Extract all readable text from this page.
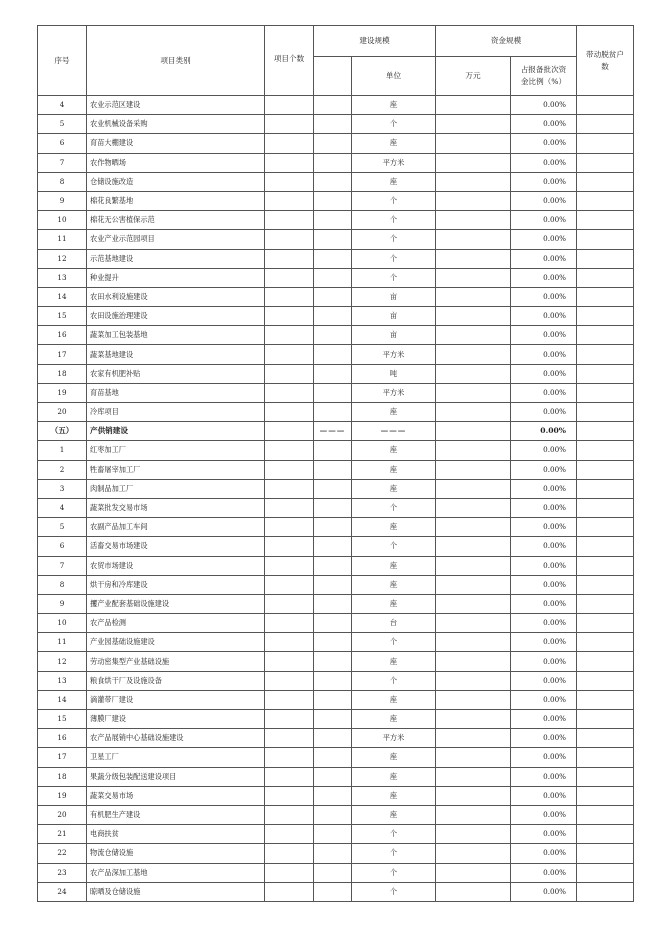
序号	项目类别	项目个数	建设规模		资金规模		带动脱贫户
数
				单位	万元	占报备批次资
金比例（%）	
4	农业示范区建设			座		0.00%	
5	农业机械设备采购			个		0.00%	
6	育苗大棚建设			座		0.00%	
7	农作物晒场			平方米		0.00%	
8	仓储设施改造			座		0.00%	
9	棉花良繁基地			个		0.00%	
10	棉花无公害植保示范			个		0.00%	
11	农业产业示范园项目			个		0.00%	
12	示范基地建设			个		0.00%	
13	种业提升			个		0.00%	
14	农田水利设施建设			亩		0.00%	
15	农田设施治理建设			亩		0.00%	
16	蔬菜加工包装基地			亩		0.00%	
17	蔬菜基地建设			平方米		0.00%	
18	农家有机肥补贴			吨		0.00%	
19	育苗基地			平方米		0.00%	
20	冷库项目			座		0.00%	
（五）	产供销建设		———	———		0.00%	
1	红枣加工厂			座		0.00%	
2	牲畜屠宰加工厂			座		0.00%	
3	肉制品加工厂			座		0.00%	
4	蔬菜批发交易市场			个		0.00%	
5	农副产品加工车间			座		0.00%	
6	活畜交易市场建设			个		0.00%	
7	农贸市场建设			座		0.00%	
8	烘干房和冷库建设			座		0.00%	
9	攫产业配套基础设施建设			座		0.00%	
10	农产品检测			台		0.00%	
11	产业园基础设施建设			个		0.00%	
12	劳动密集型产业基础设施			座		0.00%	
13	粮食烘干厂及设施设备			个		0.00%	
14	滴灌带厂建设			座		0.00%	
15	薄膜厂建设			座		0.00%	
16	农产品展销中心基础设施建设			平方米		0.00%	
17	卫星工厂			座		0.00%	
18	果蔬分级包装配送建设项目			座		0.00%	
19	蔬菜交易市场			座		0.00%	
20	有机肥生产建设			座		0.00%	
21	电商扶贫			个		0.00%	
22	物流仓储设施			个		0.00%	
23	农产品深加工基地			个		0.00%	
24	晾晒及仓储设施			个		0.00%	
